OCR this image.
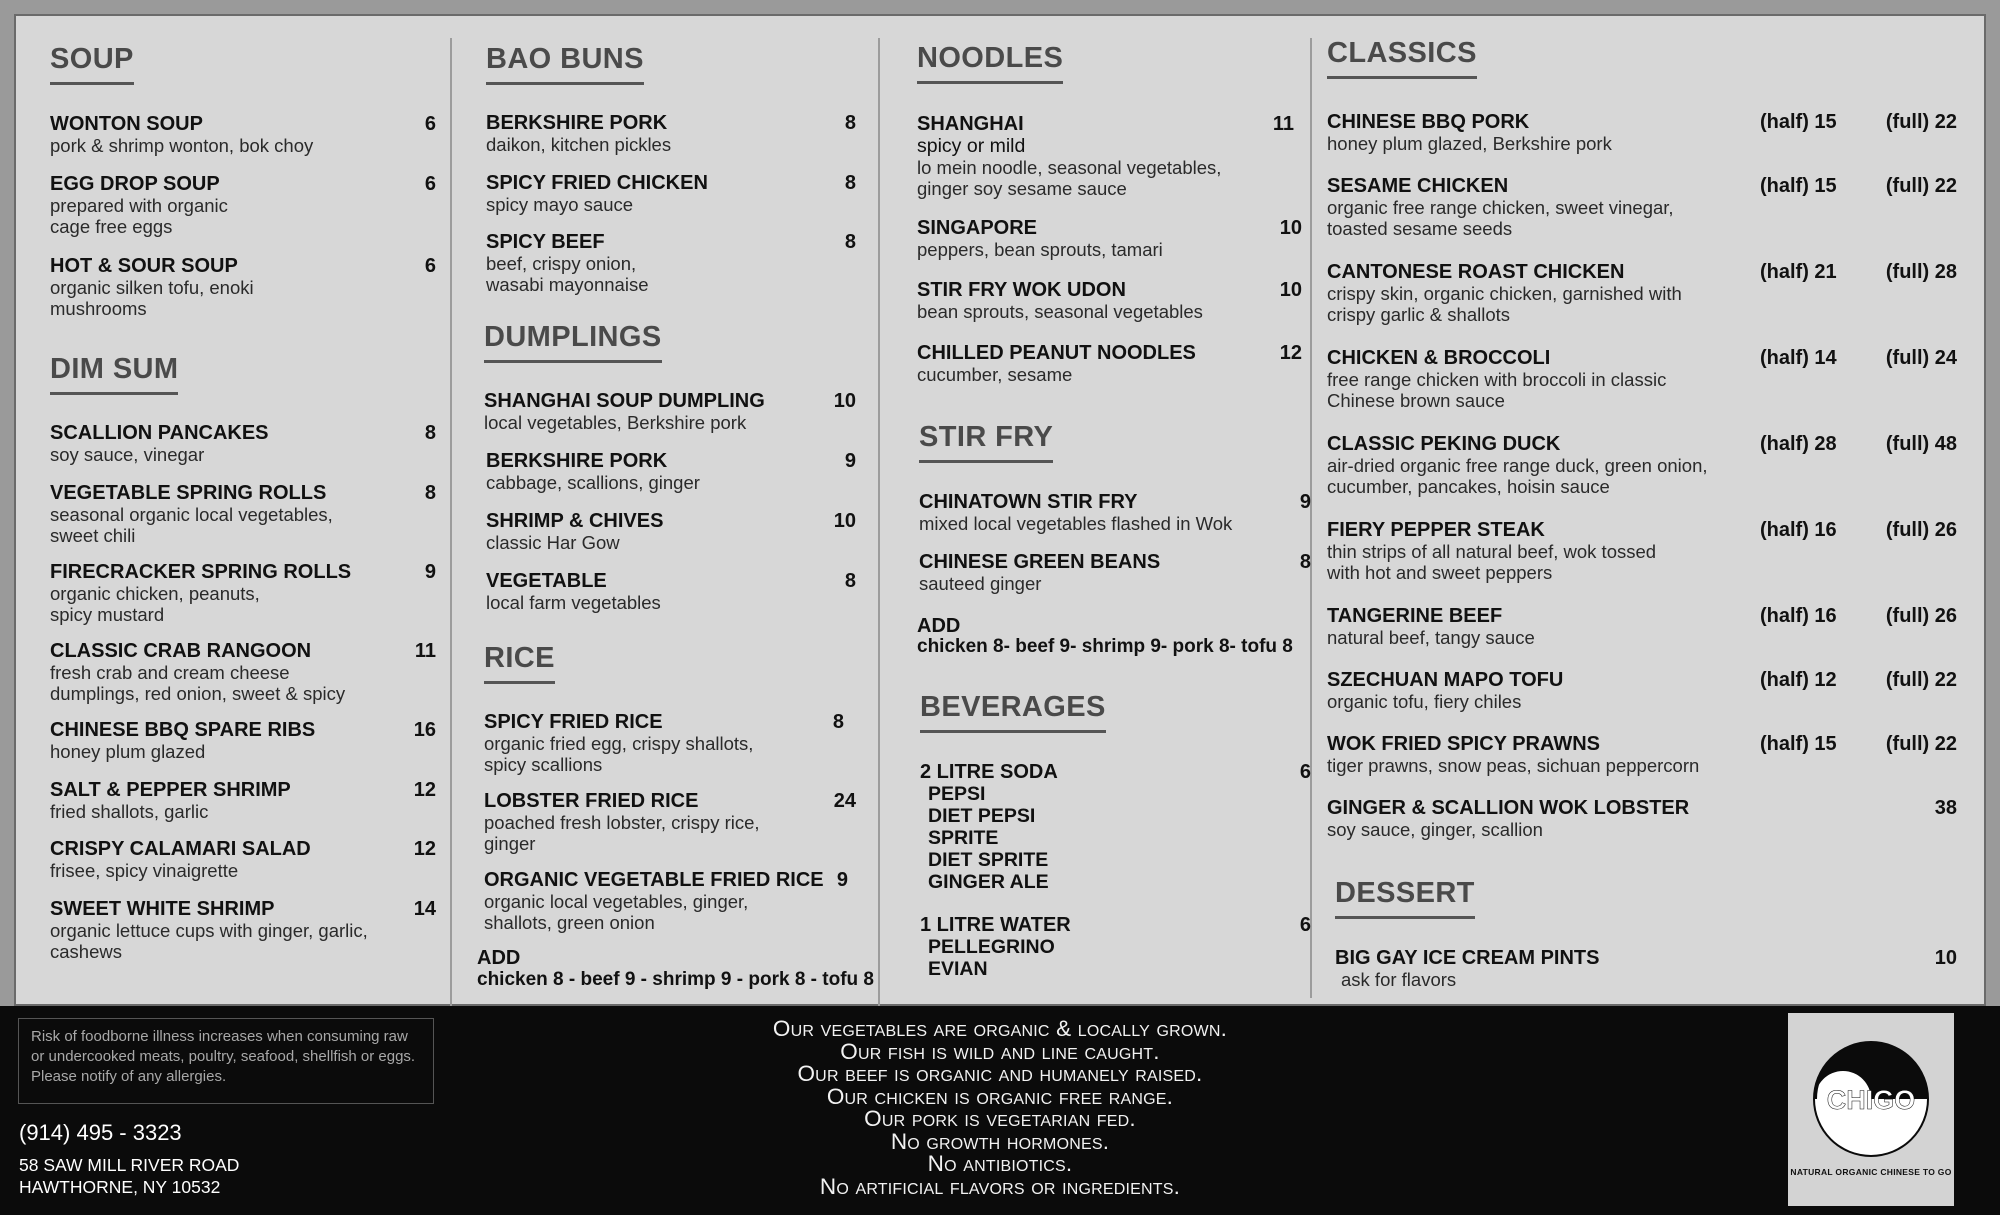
SOUP
WONTON SOUP
pork & shrimp wonton, bok choy
6
EGG DROP SOUP
prepared with organic
cage free eggs
6
HOT & SOUR SOUP
organic silken tofu, enoki
mushrooms
6
DIM SUM
SCALLION PANCAKES
soy sauce, vinegar
8
VEGETABLE SPRING ROLLS
seasonal organic local vegetables,
sweet chili
8
FIRECRACKER SPRING ROLLS
organic chicken, peanuts,
spicy mustard
9
CLASSIC CRAB RANGOON
fresh crab and cream cheese
dumplings, red onion, sweet & spicy
11
CHINESE BBQ SPARE RIBS
honey plum glazed
16
SALT & PEPPER SHRIMP
fried shallots, garlic
12
CRISPY CALAMARI SALAD
frisee, spicy vinaigrette
12
SWEET WHITE SHRIMP
organic lettuce cups with ginger, garlic,
cashews
14
BAO BUNS
BERKSHIRE PORK
daikon, kitchen pickles
8
SPICY FRIED CHICKEN
spicy mayo sauce
8
SPICY BEEF
beef, crispy onion,
wasabi mayonnaise
8
DUMPLINGS
SHANGHAI SOUP DUMPLING
local vegetables, Berkshire pork
10
BERKSHIRE PORK
cabbage, scallions, ginger
9
SHRIMP & CHIVES
classic Har Gow
10
VEGETABLE
local farm vegetables
8
RICE
SPICY FRIED RICE
organic fried egg, crispy shallots,
spicy scallions
8
LOBSTER FRIED RICE
poached fresh lobster, crispy rice,
ginger
24
ORGANIC VEGETABLE FRIED RICE
organic local vegetables, ginger,
shallots, green onion
9
ADD
chicken 8 - beef 9 - shrimp 9 - pork 8 - tofu 8
NOODLES
SHANGHAI
spicy or mild
lo mein noodle, seasonal vegetables,
ginger soy sesame sauce
11
SINGAPORE
peppers, bean sprouts, tamari
10
STIR FRY WOK UDON
bean sprouts, seasonal vegetables
10
CHILLED PEANUT NOODLES
cucumber, sesame
12
STIR FRY
CHINATOWN STIR FRY
mixed local vegetables flashed in Wok
9
CHINESE GREEN BEANS
sauteed ginger
8
ADD
chicken 8- beef 9- shrimp 9- pork 8- tofu 8
BEVERAGES
2 LITRE SODA
PEPSI
DIET PEPSI
SPRITE
DIET SPRITE
GINGER ALE
6
1 LITRE WATER
PELLEGRINO
EVIAN
6
CLASSICS
CHINESE BBQ PORK
honey plum glazed, Berkshire pork
(half) 15 (full) 22
SESAME CHICKEN
organic free range chicken, sweet vinegar,
toasted sesame seeds
(half) 15 (full) 22
CANTONESE ROAST CHICKEN
crispy skin, organic chicken, garnished with
crispy garlic & shallots
(half) 21 (full) 28
CHICKEN & BROCCOLI
free range chicken with broccoli in classic
Chinese brown sauce
(half) 14 (full) 24
CLASSIC PEKING DUCK
air-dried organic free range duck, green onion,
cucumber, pancakes, hoisin sauce
(half) 28 (full) 48
FIERY PEPPER STEAK
thin strips of all natural beef, wok tossed
with hot and sweet peppers
(half) 16 (full) 26
TANGERINE BEEF
natural beef, tangy sauce
(half) 16 (full) 26
SZECHUAN MAPO TOFU
organic tofu, fiery chiles
(half) 12 (full) 22
WOK FRIED SPICY PRAWNS
tiger prawns, snow peas, sichuan peppercorn
(half) 15 (full) 22
GINGER & SCALLION WOK LOBSTER
soy sauce, ginger, scallion
38
DESSERT
BIG GAY ICE CREAM PINTS
ask for flavors
10
Risk of foodborne illness increases when consuming raw or undercooked meats, poultry, seafood, shellfish or eggs. Please notify of any allergies.
(914) 495 - 3323
58 SAW MILL RIVER ROAD
HAWTHORNE, NY 10532
Our vegetables are organic & locally grown.
Our fish is wild and line caught.
Our beef is organic and humanely raised.
Our chicken is organic free range.
Our pork is vegetarian fed.
No growth hormones.
No antibiotics.
No artificial flavors or ingredients.
CHIGO
NATURAL ORGANIC CHINESE TO GO
